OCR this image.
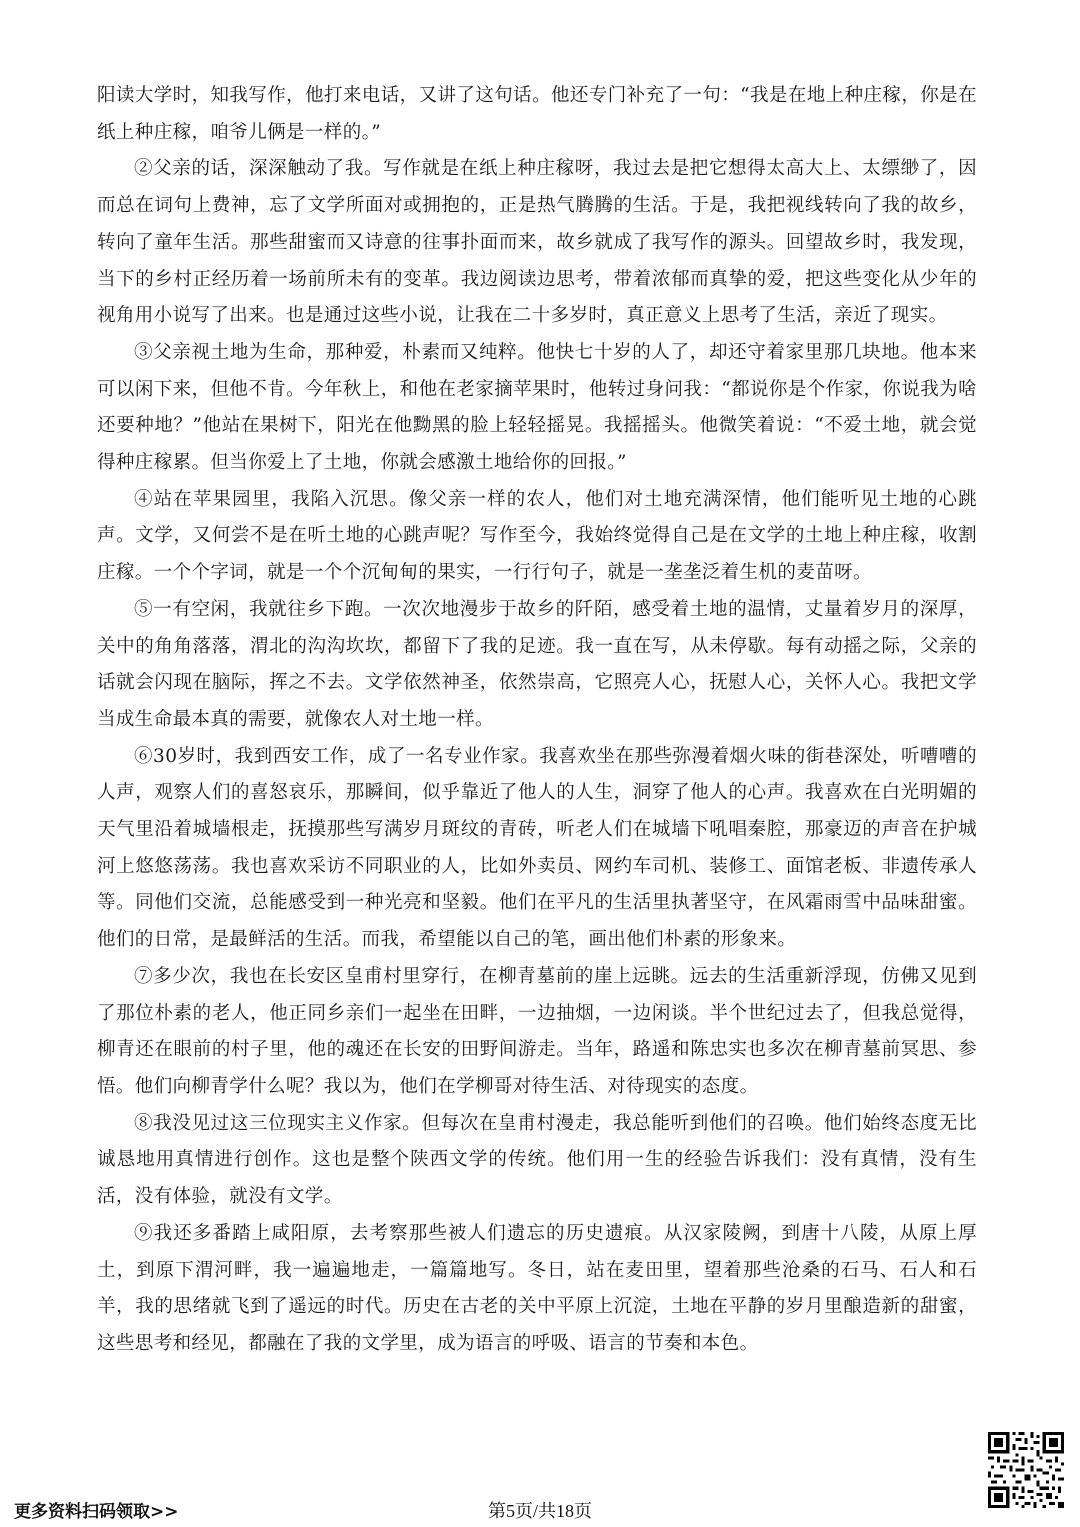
阳读大学时，知我写作，他打来电话，又讲了这句话。他还专门补充了一句：“我是在地上种庄稼，你是在纸上种庄稼，咱爷儿俩是一样的。”

②父亲的话，深深触动了我。写作就是在纸上种庄稼呀，我过去是把它想得太高大上、太缥缈了，因而总在词句上费神，忘了文学所面对或拥抱的，正是热气腾腾的生活。于是，我把视线转向了我的故乡，转向了童年生活。那些甜蜜而又诗意的往事扑面而来，故乡就成了我写作的源头。回望故乡时，我发现，当下的乡村正经历着一场前所未有的变革。我边阅读边思考，带着浓郁而真挚的爱，把这些变化从少年的视角用小说写了出来。也是通过这些小说，让我在二十多岁时，真正意义上思考了生活，亲近了现实。

③父亲视土地为生命，那种爱，朴素而又纯粹。他快七十岁的人了，却还守着家里那几块地。他本来可以闲下来，但他不肯。今年秋上，和他在老家摘苹果时，他转过身问我：“都说你是个作家，你说我为啥还要种地？”他站在果树下，阳光在他黝黑的脸上轻轻摇晃。我摇摇头。他微笑着说：“不爱土地，就会觉得种庄稼累。但当你爱上了土地，你就会感激土地给你的回报。”

④站在苹果园里，我陷入沉思。像父亲一样的农人，他们对土地充满深情，他们能听见土地的心跳声。文学，又何尝不是在听土地的心跳声呢？写作至今，我始终觉得自己是在文学的土地上种庄稼，收割庄稼。一个个字词，就是一个个沉甸甸的果实，一行行句子，就是一垄垄泛着生机的麦苗呀。

⑤一有空闲，我就往乡下跑。一次次地漫步于故乡的阡陌，感受着土地的温情，丈量着岁月的深厚，关中的角角落落，渭北的沟沟坎坎，都留下了我的足迹。我一直在写，从未停歇。每有动摇之际，父亲的话就会闪现在脑际，挥之不去。文学依然神圣，依然崇高，它照亮人心，抚慰人心，关怀人心。我把文学当成生命最本真的需要，就像农人对土地一样。

⑥30岁时，我到西安工作，成了一名专业作家。我喜欢坐在那些弥漫着烟火味的街巷深处，听嘈嘈的人声，观察人们的喜怒哀乐，那瞬间，似乎靠近了他人的人生，洞穿了他人的心声。我喜欢在白光明媚的天气里沿着城墙根走，抚摸那些写满岁月斑纹的青砖，听老人们在城墙下吼唱秦腔，那豪迈的声音在护城河上悠悠荡荡。我也喜欢采访不同职业的人，比如外卖员、网约车司机、装修工、面馆老板、非遗传承人等。同他们交流，总能感受到一种光亮和坚毅。他们在平凡的生活里执著坚守，在风霜雨雪中品味甜蜜。他们的日常，是最鲜活的生活。而我，希望能以自己的笔，画出他们朴素的形象来。

⑦多少次，我也在长安区皇甫村里穿行，在柳青墓前的崖上远眺。远去的生活重新浮现，仿佛又见到了那位朴素的老人，他正同乡亲们一起坐在田畔，一边抽烟，一边闲谈。半个世纪过去了，但我总觉得，柳青还在眼前的村子里，他的魂还在长安的田野间游走。当年，路遥和陈忠实也多次在柳青墓前冥思、参悟。他们向柳青学什么呢？我以为，他们在学柳哥对待生活、对待现实的态度。

⑧我没见过这三位现实主义作家。但每次在皇甫村漫走，我总能听到他们的召唤。他们始终态度无比诚恳地用真情进行创作。这也是整个陕西文学的传统。他们用一生的经验告诉我们：没有真情，没有生活，没有体验，就没有文学。

⑨我还多番踏上咸阳原，去考察那些被人们遗忘的历史遗痕。从汉家陵阙，到唐十八陵，从原上厚土，到原下渭河畔，我一遍遍地走，一篇篇地写。冬日，站在麦田里，望着那些沧桑的石马、石人和石羊，我的思绪就飞到了遥远的时代。历史在古老的关中平原上沉淀，土地在平静的岁月里酿造新的甜蜜，这些思考和经见，都融在了我的文学里，成为语言的呼吸、语言的节奏和本色。

更多资料扫码领取>>	第5页/共18页
